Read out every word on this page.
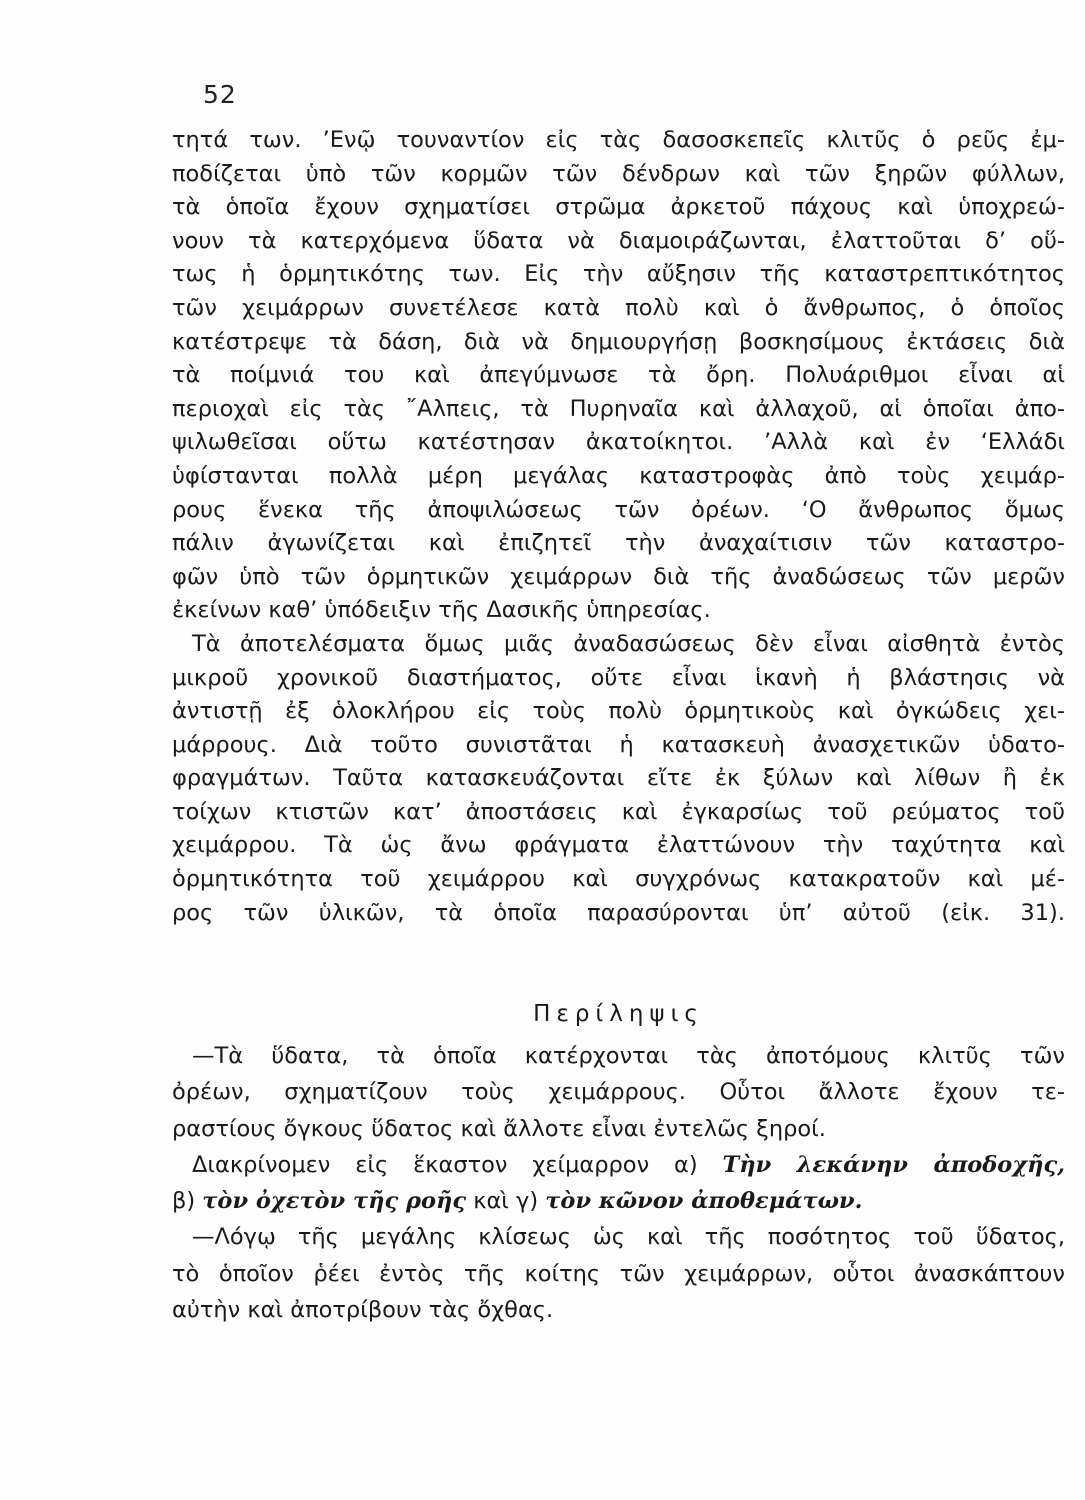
52
τητά των. ’Ενῷ τουναντίον εἰς τὰς δασοσκεπεῖς κλιτῦς ὁ ρεῦς ἐμ-
ποδίζεται ὑπὸ τῶν κορμῶν τῶν δένδρων καὶ τῶν ξηρῶν φύλλων,
τὰ ὁποῖα ἔχουν σχηματίσει στρῶμα ἀρκετοῦ πάχους καὶ ὑποχρεώ-
νουν τὰ κατερχόμενα ὕδατα νὰ διαμοιράζωνται, ἐλαττοῦται δ’ οὕ-
τως ἡ ὁρμητικότης των. Εἰς τὴν αὔξησιν τῆς καταστρεπτικότητος
τῶν χειμάρρων συνετέλεσε κατὰ πολὺ καὶ ὁ ἄνθρωπος, ὁ ὁποῖος
κατέστρεψε τὰ δάση, διὰ νὰ δημιουργήσῃ βοσκησίμους ἐκτάσεις διὰ
τὰ ποίμνιά του καὶ ἀπεγύμνωσε τὰ ὄρη. Πολυάριθμοι εἶναι αἱ
περιοχαὶ εἰς τὰς ῎Αλπεις, τὰ Πυρηναῖα καὶ ἀλλαχοῦ, αἱ ὁποῖαι ἀπο-
ψιλωθεῖσαι οὕτω κατέστησαν ἀκατοίκητοι. ’Αλλὰ καὶ ἐν ‘Ελλάδι
ὑφίστανται πολλὰ μέρη μεγάλας καταστροφὰς ἀπὸ τοὺς χειμάρ-
ρους ἕνεκα τῆς ἀποψιλώσεως τῶν ὀρέων. ‘Ο ἄνθρωπος ὅμως
πάλιν ἀγωνίζεται καὶ ἐπιζητεῖ τὴν ἀναχαίτισιν τῶν καταστρο-
φῶν ὑπὸ τῶν ὁρμητικῶν χειμάρρων διὰ τῆς ἀναδώσεως τῶν μερῶν
ἐκείνων καθ’ ὑπόδειξιν τῆς Δασικῆς ὑπηρεσίας.
Τὰ ἀποτελέσματα ὅμως μιᾶς ἀναδασώσεως δὲν εἶναι αἰσθητὰ ἐντὸς
μικροῦ χρονικοῦ διαστήματος, οὔτε εἶναι ἱκανὴ ἡ βλάστησις νὰ
ἀντιστῇ ἐξ ὁλοκλήρου εἰς τοὺς πολὺ ὁρμητικοὺς καὶ ὀγκώδεις χει-
μάρρους. Διὰ τοῦτο συνιστᾶται ἡ κατασκευὴ ἀνασχετικῶν ὑδατο-
φραγμάτων. Ταῦτα κατασκευάζονται εἴτε ἐκ ξύλων καὶ λίθων ἢ ἐκ
τοίχων κτιστῶν κατ’ ἀποστάσεις καὶ ἐγκαρσίως τοῦ ρεύματος τοῦ
χειμάρρου. Τὰ ὡς ἄνω φράγματα ἐλαττώνουν τὴν ταχύτητα καὶ
ὁρμητικότητα τοῦ χειμάρρου καὶ συγχρόνως κατακρατοῦν καὶ μέ-
ρος τῶν ὑλικῶν, τὰ ὁποῖα παρασύρονται ὑπ’ αὐτοῦ (εἰκ. 31).
Περίληψις
—Τὰ ὕδατα, τὰ ὁποῖα κατέρχονται τὰς ἀποτόμους κλιτῦς τῶν
ὀρέων, σχηματίζουν τοὺς χειμάρρους. Οὗτοι ἄλλοτε ἔχουν τε-
ραστίους ὄγκους ὕδατος καὶ ἄλλοτε εἶναι ἐντελῶς ξηροί.
Διακρίνομεν εἰς ἕκαστον χείμαρρον α) Τὴν λεκάνην ἀποδοχῆς,
β) τὸν ὀχετὸν τῆς ροῆς καὶ γ) τὸν κῶνον ἀποθεμάτων.
—Λόγῳ τῆς μεγάλης κλίσεως ὡς καὶ τῆς ποσότητος τοῦ ὕδατος,
τὸ ὁποῖον ῥέει ἐντὸς τῆς κοίτης τῶν χειμάρρων, οὗτοι ἀνασκάπτουν
αὐτὴν καὶ ἀποτρίβουν τὰς ὄχθας.
